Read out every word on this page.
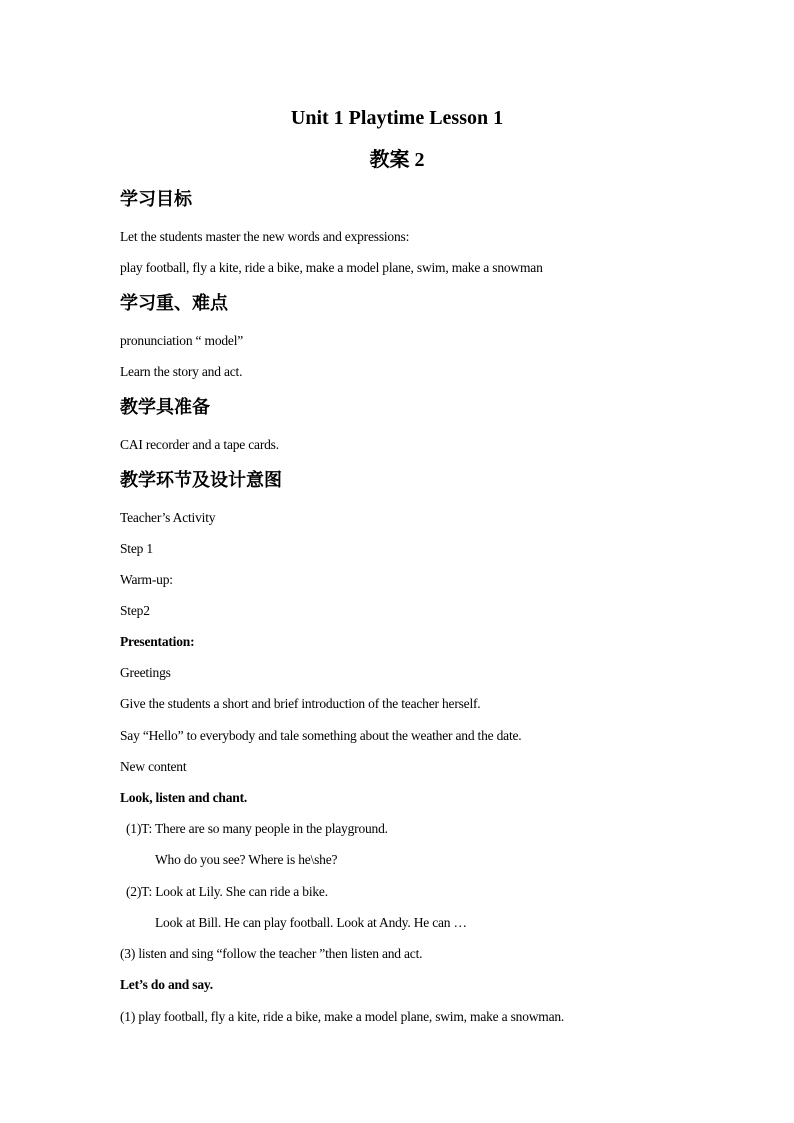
Unit 1 Playtime Lesson 1
教案 2
学习目标
Let the students master the new words and expressions:
play football, fly a kite, ride a bike, make a model plane, swim, make a snowman
学习重、难点
pronunciation “ model”
Learn the story and act.
教学具准备
CAI recorder and a tape cards.
教学环节及设计意图
Teacher’s Activity
Step 1
Warm-up:
Step2
Presentation:
Greetings
Give the students a short and brief introduction of the teacher herself.
Say “Hello” to everybody and tale something about the weather and the date.
New content
Look, listen and chant.
(1)T: There are so many people in the playground.
Who do you see? Where is he\she?
(2)T: Look at Lily. She can ride a bike.
Look at Bill. He can play football. Look at Andy. He can …
(3) listen and sing “follow the teacher ”then listen and act.
Let’s do and say.
(1) play football, fly a kite, ride a bike, make a model plane, swim, make a snowman.
